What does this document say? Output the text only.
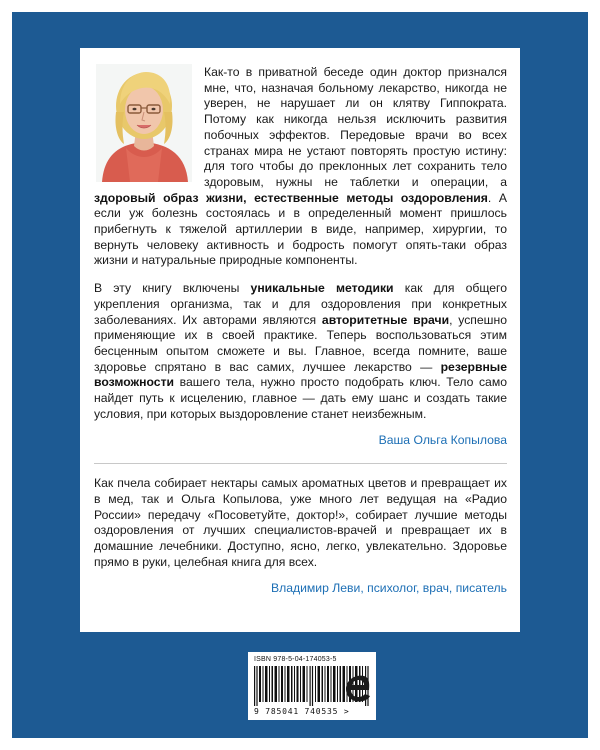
Как-то в приватной беседе один доктор признался мне, что, назначая больному лекарство, никогда не уверен, не нарушает ли он клятву Гиппократа. Потому как никогда нельзя исключить развития побочных эффектов. Передовые врачи во всех странах мира не устают повторять простую истину: для того чтобы до преклонных лет сохранить тело здоровым, нужны не таблетки и операции, а здоровый образ жизни, естественные методы оздоровления. А если уж болезнь состоялась и в определенный момент пришлось прибегнуть к тяжелой артиллерии в виде, например, хирургии, то вернуть человеку активность и бодрость помогут опять-таки образ жизни и натуральные природные компоненты.

В эту книгу включены уникальные методики как для общего укрепления организма, так и для оздоровления при конкретных заболеваниях. Их авторами являются авторитетные врачи, успешно применяющие их в своей практике. Теперь воспользоваться этим бесценным опытом сможете и вы. Главное, всегда помните, ваше здоровье спрятано в вас самих, лучшее лекарство — резервные возможности вашего тела, нужно просто подобрать ключ. Тело само найдет путь к исцелению, главное — дать ему шанс и создать такие условия, при которых выздоровление станет неизбежным.

Ваша Ольга Копылова

Как пчела собирает нектары самых ароматных цветов и превращает их в мед, так и Ольга Копылова, уже много лет ведущая на «Радио России» передачу «Посоветуйте, доктор!», собирает лучшие методы оздоровления от лучших специалистов-врачей и превращает их в домашние лечебники. Доступно, ясно, легко, увлекательно. Здоровье прямо в руки, целебная книга для всех.

Владимир Леви, психолог, врач, писатель
ISBN 978-5-04-174053-5
9 785041 740535 >
